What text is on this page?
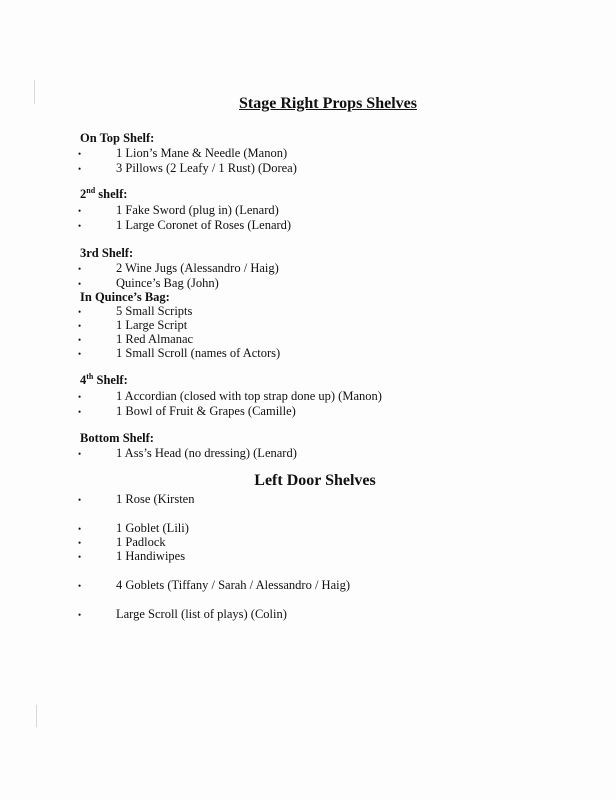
Stage Right Props Shelves
On Top Shelf:
•	1 Lion’s Mane & Needle (Manon)
•	3 Pillows (2 Leafy / 1 Rust) (Dorea)
2nd shelf:
•	1 Fake Sword (plug in) (Lenard)
•	1 Large Coronet of Roses (Lenard)
3rd Shelf:
•	2 Wine Jugs (Alessandro / Haig)
•	Quince’s Bag (John)
In Quince’s Bag:
•	5 Small Scripts
•	1 Large Script
•	1 Red Almanac
•	1 Small Scroll (names of Actors)
4th Shelf:
•	1 Accordian (closed with top strap done up) (Manon)
•	1 Bowl of Fruit & Grapes (Camille)
Bottom Shelf:
•	1 Ass’s Head (no dressing) (Lenard)
Left Door Shelves
•	1 Rose (Kirsten
•	1 Goblet (Lili)
•	1 Padlock
•	1 Handiwipes
•	4 Goblets (Tiffany / Sarah / Alessandro / Haig)
•	Large Scroll (list of plays) (Colin)
